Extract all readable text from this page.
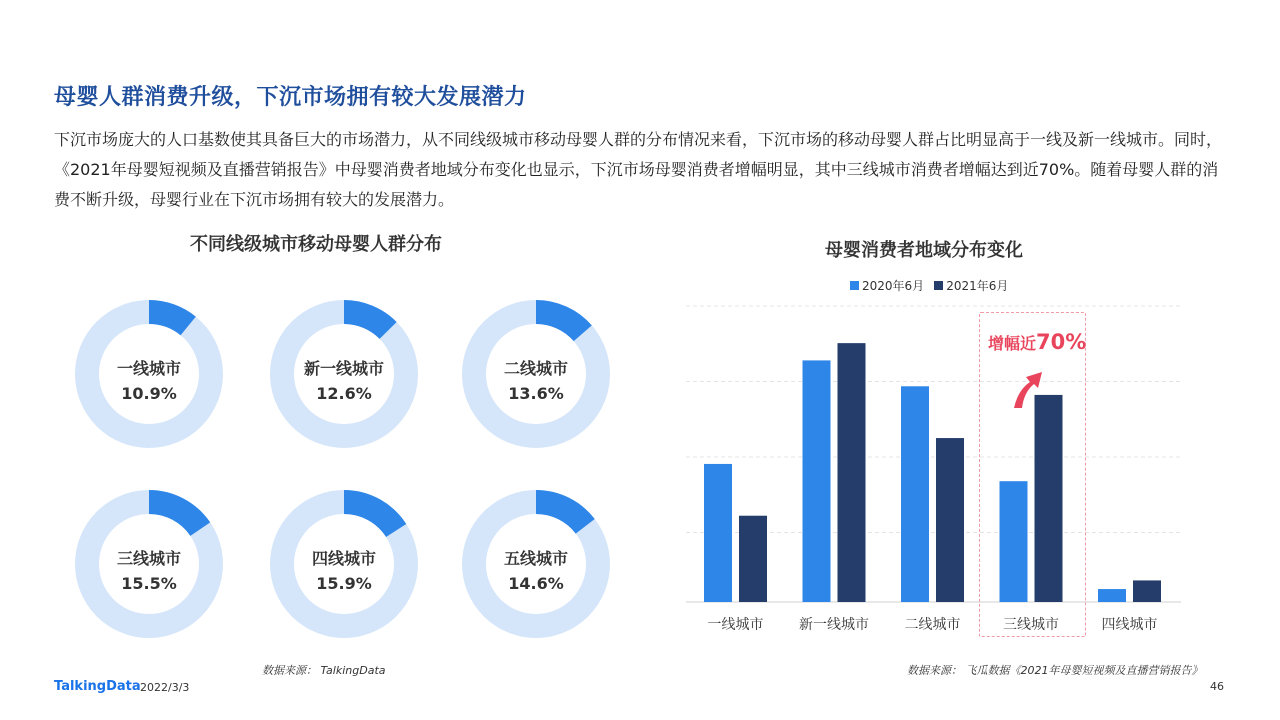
母婴人群消费升级，下沉市场拥有较大发展潜力
下沉市场庞大的人口基数使其具备巨大的市场潜力，从不同线级城市移动母婴人群的分布情况来看，下沉市场的移动母婴人群占比明显高于一线及新一线城市。同时，《2021年母婴短视频及直播营销报告》中母婴消费者地域分布变化也显示，下沉市场母婴消费者增幅明显，其中三线城市消费者增幅达到近70%。随着母婴人群的消费不断升级，母婴行业在下沉市场拥有较大的发展潜力。
不同线级城市移动母婴人群分布
一线城市
10.9%
新一线城市
12.6%
二线城市
13.6%
三线城市
15.5%
四线城市
15.9%
五线城市
14.6%
数据来源： TalkingData
母婴消费者地域分布变化
2020年6月 2021年6月
一线城市	新一线城市	二线城市	三线城市	四线城市
增幅近70%
数据来源： 飞瓜数据《2021年母婴短视频及直播营销报告》
TalkingData 2022/3/3	46
